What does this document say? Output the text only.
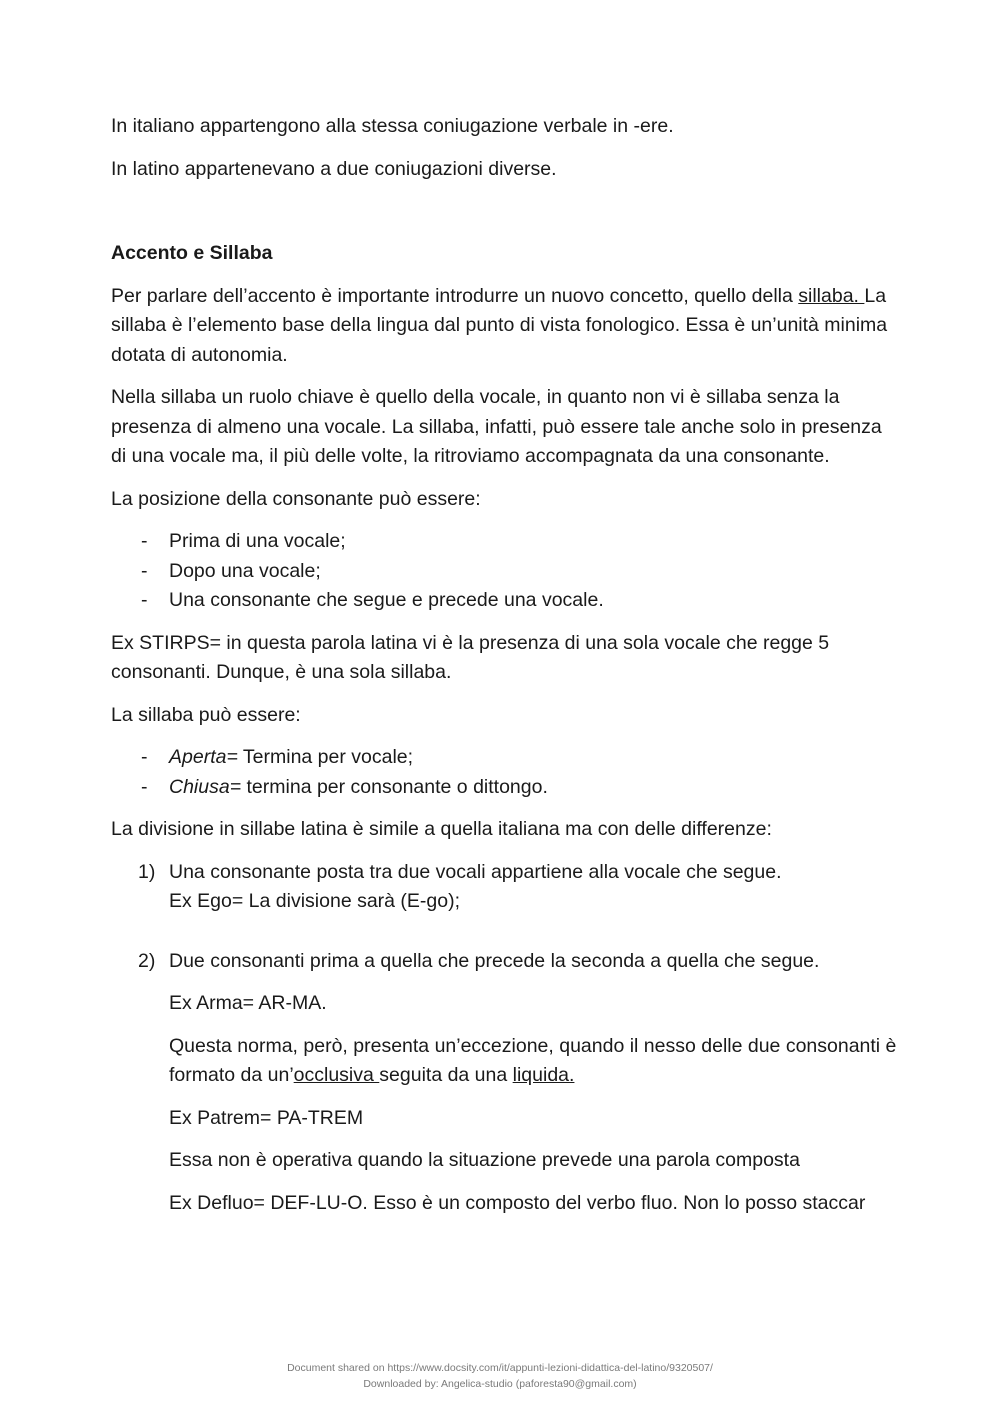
In italiano appartengono alla stessa coniugazione verbale in -ere.

In latino appartenevano a due coniugazioni diverse.

Accento e Sillaba

Per parlare dell’accento è importante introdurre un nuovo concetto, quello della sillaba. La sillaba è l’elemento base della lingua dal punto di vista fonologico. Essa è un’unità minima dotata di autonomia.

Nella sillaba un ruolo chiave è quello della vocale, in quanto non vi è sillaba senza la presenza di almeno una vocale. La sillaba, infatti, può essere tale anche solo in presenza di una vocale ma, il più delle volte, la ritroviamo accompagnata da una consonante.

La posizione della consonante può essere:

- Prima di una vocale;
- Dopo una vocale;
- Una consonante che segue e precede una vocale.

Ex STIRPS= in questa parola latina vi è la presenza di una sola vocale che regge 5 consonanti. Dunque, è una sola sillaba.

La sillaba può essere:

- Aperta= Termina per vocale;
- Chiusa= termina per consonante o dittongo.

La divisione in sillabe latina è simile a quella italiana ma con delle differenze:

1) Una consonante posta tra due vocali appartiene alla vocale che segue.
Ex Ego= La divisione sarà (E-go);
2) Due consonanti prima a quella che precede la seconda a quella che segue.

Ex Arma= AR-MA.

Questa norma, però, presenta un’eccezione, quando il nesso delle due consonanti è formato da un’occlusiva seguita da una liquida.

Ex Patrem= PA-TREM

Essa non è operativa quando la situazione prevede una parola composta

Ex Defluo= DEF-LU-O. Esso è un composto del verbo fluo. Non lo posso staccar

Document shared on https://www.docsity.com/it/appunti-lezioni-didattica-del-latino/9320507/
Downloaded by: Angelica-studio (paforesta90@gmail.com)
